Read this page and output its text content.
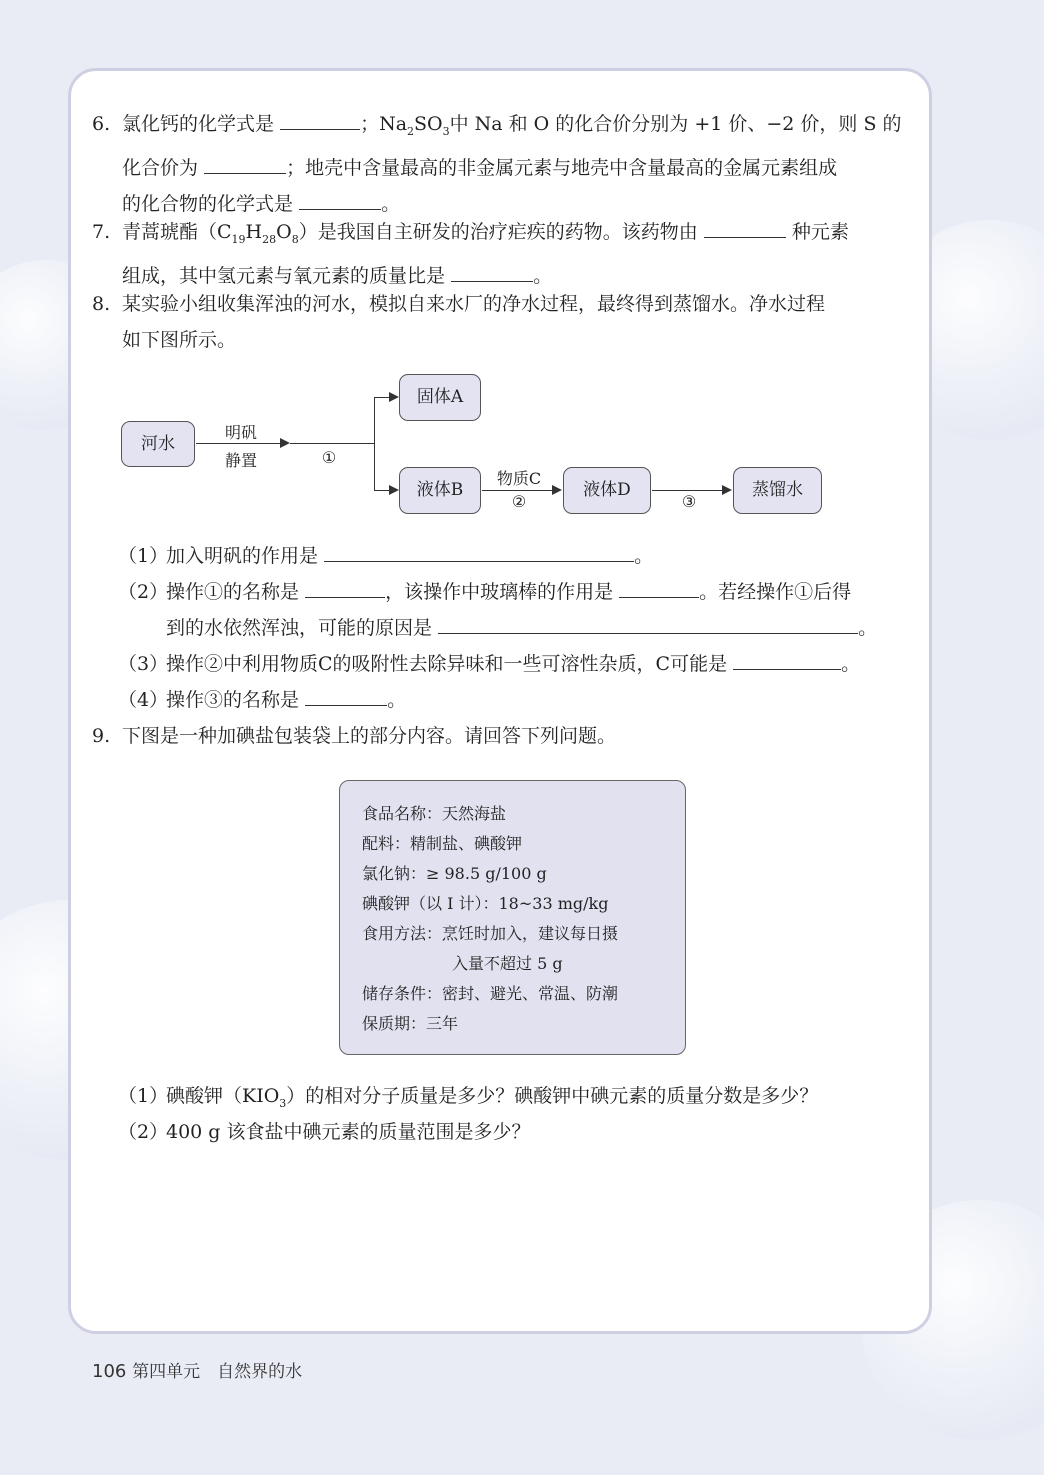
6. 氯化钙的化学式是	；$Na_2SO_3$中 Na 和 O 的化合价分别为 +1 价、−2 价，则 S 的
化合价为	；地壳中含量最高的非金属元素与地壳中含量最高的金属元素组成
的化合物的化学式是	。
7. 青蒿琥酯$(C_{19}H_{28}O_8)$是我国自主研发的治疗疟疾的药物。该药物由	种元素
组成，其中氢元素与氧元素的质量比是	。
8. 某实验小组收集浑浊的河水，模拟自来水厂的净水过程，最终得到蒸馏水。净水过程
如下图所示。
河水
明矾
静置	①
固体A
液体B
物质C
②
液体D
③
蒸馏水
（1）
加入明矾的作用是	。
（2）
操作①的名称是	，该操作中玻璃棒的作用是	。若经操作①后得
到的水依然浑浊，可能的原因是	。
（3）
操作②中利用物质C的吸附性去除异味和一些可溶性杂质，C可能是	。
（4）
操作③的名称是	。
9. 下图是一种加碘盐包装袋上的部分内容。请回答下列问题。
食品名称：天然海盐
配料：精制盐、碘酸钾
氯化钠：≥ 98.5 g/100 g
碘酸钾（以 I 计）：18~33 mg/kg
食用方法：烹饪时加入，建议每日摄
入量不超过 5 g
储存条件：密封、避光、常温、防潮
保质期：三年
（1）
碘酸钾$(KIO_3)$的相对分子质量是多少？碘酸钾中碘元素的质量分数是多少？
（2）
400 g 该食盐中碘元素的质量范围是多少？
106 第四单元　自然界的水
